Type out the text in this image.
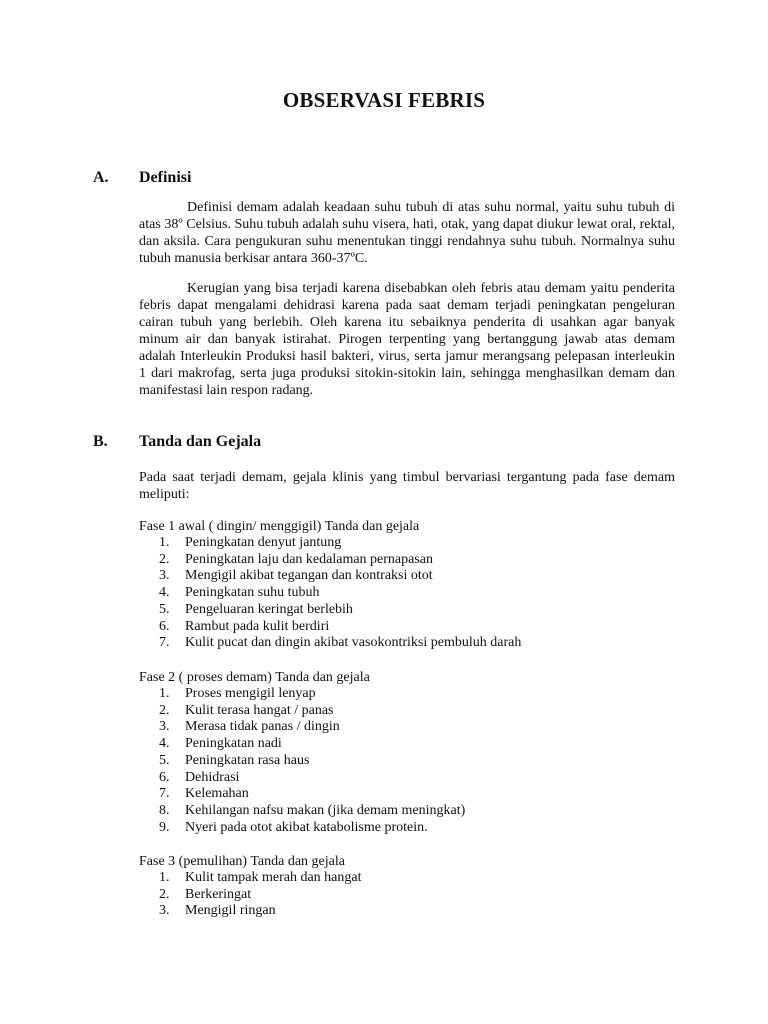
OBSERVASI FEBRIS
A. Definisi

Definisi demam adalah keadaan suhu tubuh di atas suhu normal, yaitu suhu tubuh di atas 38º Celsius. Suhu tubuh adalah suhu visera, hati, otak, yang dapat diukur lewat oral, rektal, dan aksila. Cara pengukuran suhu menentukan tinggi rendahnya suhu tubuh. Normalnya suhu tubuh manusia berkisar antara 360-37ºC.

Kerugian yang bisa terjadi karena disebabkan oleh febris atau demam yaitu penderita febris dapat mengalami dehidrasi karena pada saat demam terjadi peningkatan pengeluran cairan tubuh yang berlebih. Oleh karena itu sebaiknya penderita di usahkan agar banyak minum air dan banyak istirahat. Pirogen terpenting yang bertanggung jawab atas demam adalah Interleukin Produksi hasil bakteri, virus, serta jamur merangsang pelepasan interleukin 1 dari makrofag, serta juga produksi sitokin-sitokin lain, sehingga menghasilkan demam dan manifestasi lain respon radang.

B. Tanda dan Gejala

Pada saat terjadi demam, gejala klinis yang timbul bervariasi tergantung pada fase demam meliputi:

Fase 1 awal ( dingin/ menggigil) Tanda dan gejala

1.	Peningkatan denyut jantung
2.	Peningkatan laju dan kedalaman pernapasan
3.	Mengigil akibat tegangan dan kontraksi otot
4.	Peningkatan suhu tubuh
5.	Pengeluaran keringat berlebih
6.	Rambut pada kulit berdiri
7.	Kulit pucat dan dingin akibat vasokontriksi pembuluh darah

Fase 2 ( proses demam) Tanda dan gejala

1.	Proses mengigil lenyap
2.	Kulit terasa hangat / panas
3.	Merasa tidak panas / dingin
4.	Peningkatan nadi
5.	Peningkatan rasa haus
6.	Dehidrasi
7.	Kelemahan
8.	Kehilangan nafsu makan (jika demam meningkat)
9.	Nyeri pada otot akibat katabolisme protein.

Fase 3 (pemulihan) Tanda dan gejala

1.	Kulit tampak merah dan hangat
2.	Berkeringat
3.	Mengigil ringan
